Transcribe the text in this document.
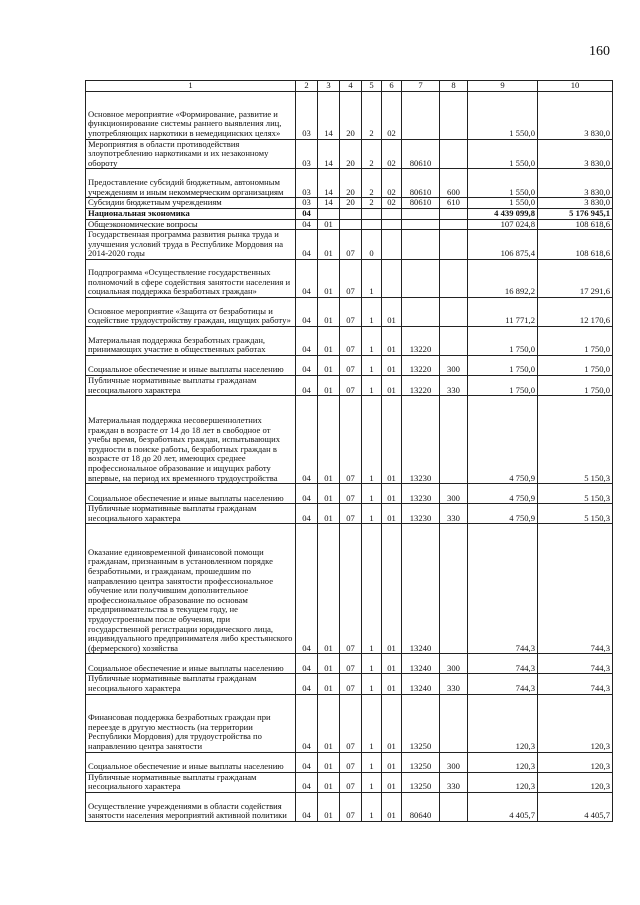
160
1	2	3	4	5	6	7	8	9	10
Основное мероприятие «Формирование, развитие и функционирование системы раннего выявления лиц, употребляющих наркотики в немедицинских целях»	03	14	20	2	02			1 550,0	3 830,0
Мероприятия в области противодействия злоупотреблению наркотиками и их незаконному обороту	03	14	20	2	02	80610		1 550,0	3 830,0
Предоставление субсидий бюджетным, автономным учреждениям и иным некоммерческим организациям	03	14	20	2	02	80610	600	1 550,0	3 830,0
Субсидии бюджетным учреждениям	03	14	20	2	02	80610	610	1 550,0	3 830,0
Национальная экономика	04							4 439 099,8	5 176 945,1
Общеэкономические вопросы	04	01						107 024,8	108 618,6
Государственная программа развития рынка труда и улучшения условий труда в Республике Мордовия на 2014-2020 годы	04	01	07	0				106 875,4	108 618,6
Подпрограмма «Осуществление государственных полномочий в сфере содействия занятости населения и социальная поддержка безработных граждан»	04	01	07	1				16 892,2	17 291,6
Основное мероприятие «Защита от безработицы и содействие трудоустройству граждан, ищущих работу»	04	01	07	1	01			11 771,2	12 170,6
Материальная поддержка безработных граждан, принимающих участие в общественных работах	04	01	07	1	01	13220		1 750,0	1 750,0
Социальное обеспечение и иные выплаты населению	04	01	07	1	01	13220	300	1 750,0	1 750,0
Публичные нормативные выплаты гражданам несоциального характера	04	01	07	1	01	13220	330	1 750,0	1 750,0
Материальная поддержка несовершеннолетних граждан в возрасте от 14 до 18 лет в свободное от учебы время, безработных граждан, испытывающих трудности в поиске работы, безработных граждан в возрасте от 18 до 20 лет, имеющих среднее профессиональное образование и ищущих работу впервые, на период их временного трудоустройства	04	01	07	1	01	13230		4 750,9	5 150,3
Социальное обеспечение и иные выплаты населению	04	01	07	1	01	13230	300	4 750,9	5 150,3
Публичные нормативные выплаты гражданам несоциального характера	04	01	07	1	01	13230	330	4 750,9	5 150,3
Оказание единовременной финансовой помощи гражданам, признанным в установленном порядке безработными, и гражданам, прошедшим по направлению центра занятости профессиональное обучение или получившим дополнительное профессиональное образование по основам предпринимательства в текущем году, не трудоустроенным после обучения, при государственной регистрации юридического лица, индивидуального предпринимателя либо крестьянского (фермерского) хозяйства	04	01	07	1	01	13240		744,3	744,3
Социальное обеспечение и иные выплаты населению	04	01	07	1	01	13240	300	744,3	744,3
Публичные нормативные выплаты гражданам несоциального характера	04	01	07	1	01	13240	330	744,3	744,3
Финансовая поддержка безработных граждан при переезде в другую местность (на территории Республики Мордовия) для трудоустройства по направлению центра занятости	04	01	07	1	01	13250		120,3	120,3
Социальное обеспечение и иные выплаты населению	04	01	07	1	01	13250	300	120,3	120,3
Публичные нормативные выплаты гражданам несоциального характера	04	01	07	1	01	13250	330	120,3	120,3
Осуществление учреждениями в области содействия занятости населения мероприятий активной политики	04	01	07	1	01	80640		4 405,7	4 405,7
